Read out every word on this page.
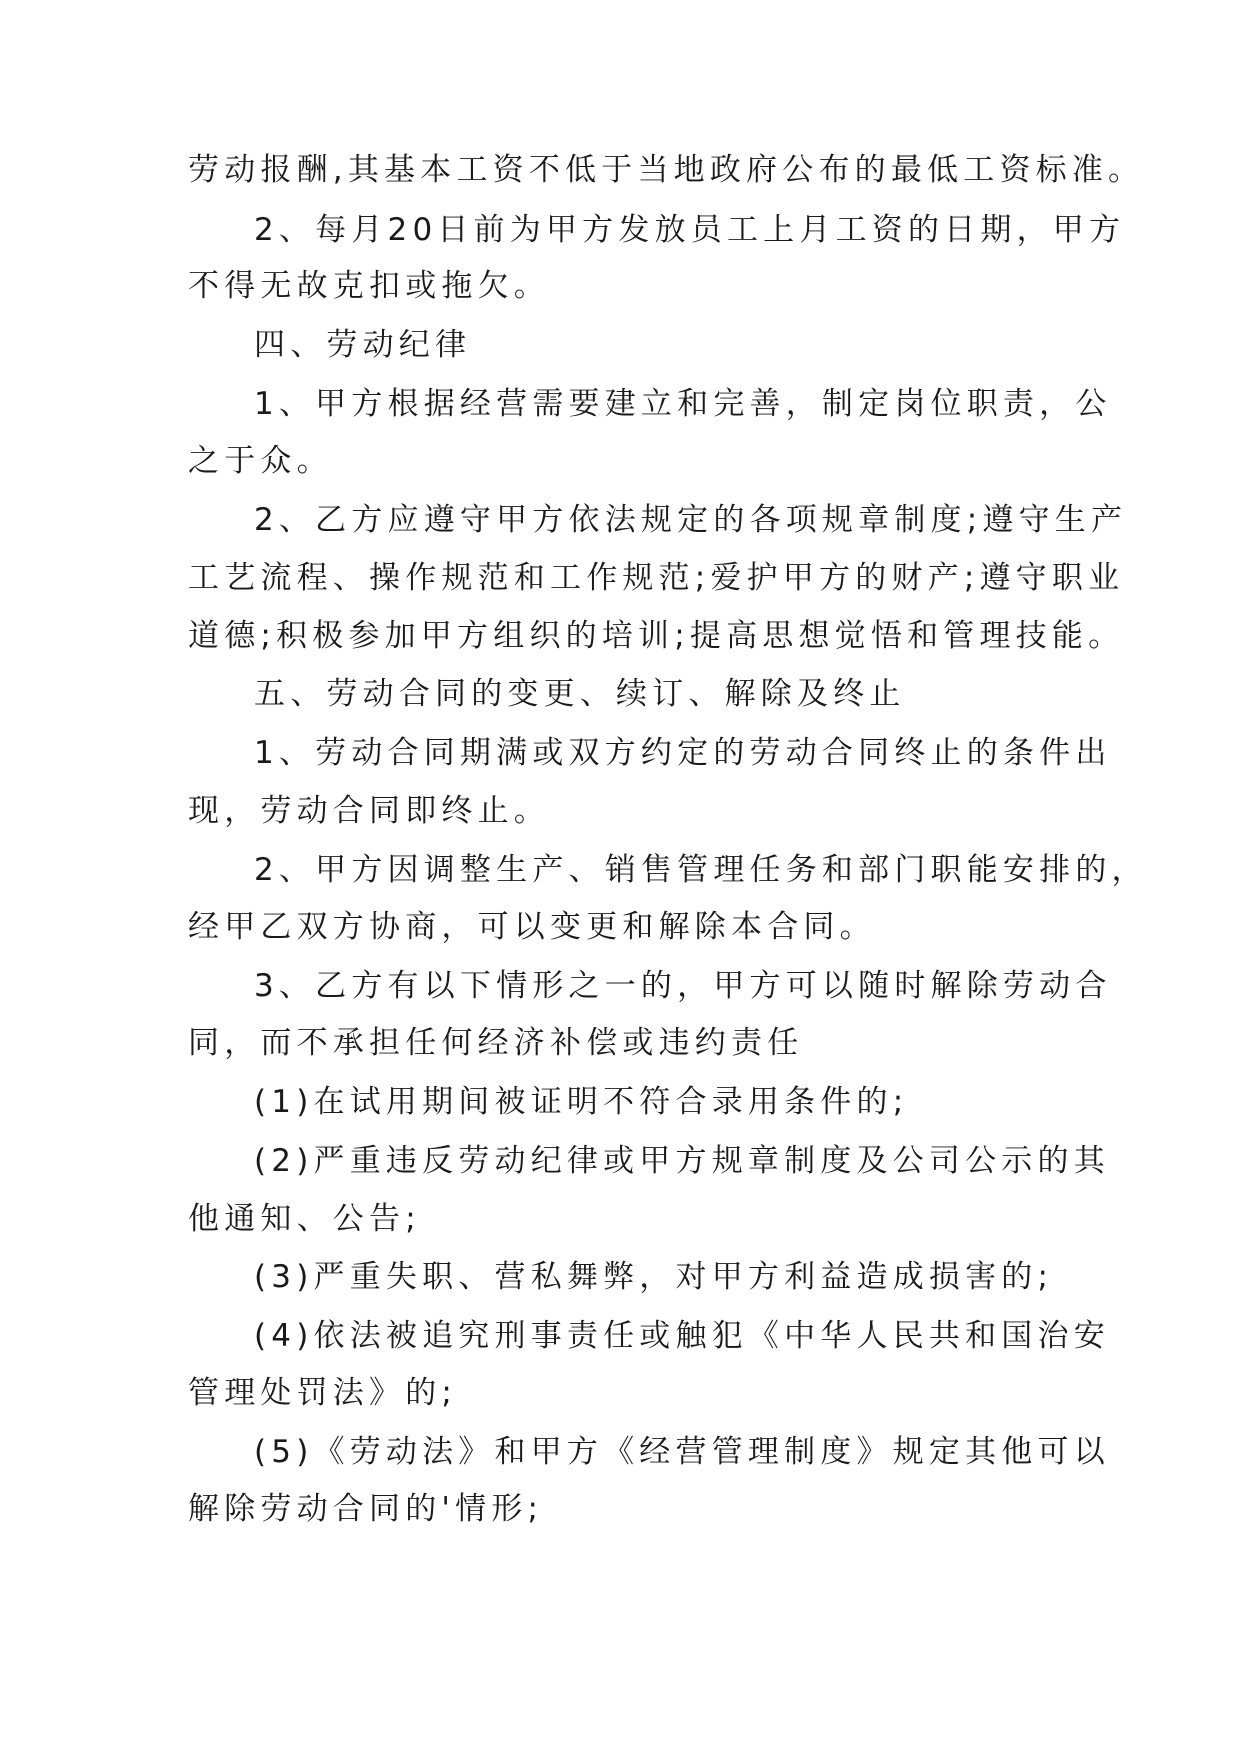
劳动报酬,其基本工资不低于当地政府公布的最低工资标准。
2、每月20日前为甲方发放员工上月工资的日期，甲方
不得无故克扣或拖欠。
四、劳动纪律
1、甲方根据经营需要建立和完善，制定岗位职责，公
之于众。
2、乙方应遵守甲方依法规定的各项规章制度;遵守生产
工艺流程、操作规范和工作规范;爱护甲方的财产;遵守职业
道德;积极参加甲方组织的培训;提高思想觉悟和管理技能。
五、劳动合同的变更、续订、解除及终止
1、劳动合同期满或双方约定的劳动合同终止的条件出
现，劳动合同即终止。
2、甲方因调整生产、销售管理任务和部门职能安排的，
经甲乙双方协商，可以变更和解除本合同。
3、乙方有以下情形之一的，甲方可以随时解除劳动合
同，而不承担任何经济补偿或违约责任
(1)在试用期间被证明不符合录用条件的;
(2)严重违反劳动纪律或甲方规章制度及公司公示的其
他通知、公告;
(3)严重失职、营私舞弊，对甲方利益造成损害的;
(4)依法被追究刑事责任或触犯《中华人民共和国治安
管理处罚法》的;
(5)《劳动法》和甲方《经营管理制度》规定其他可以
解除劳动合同的'情形;
